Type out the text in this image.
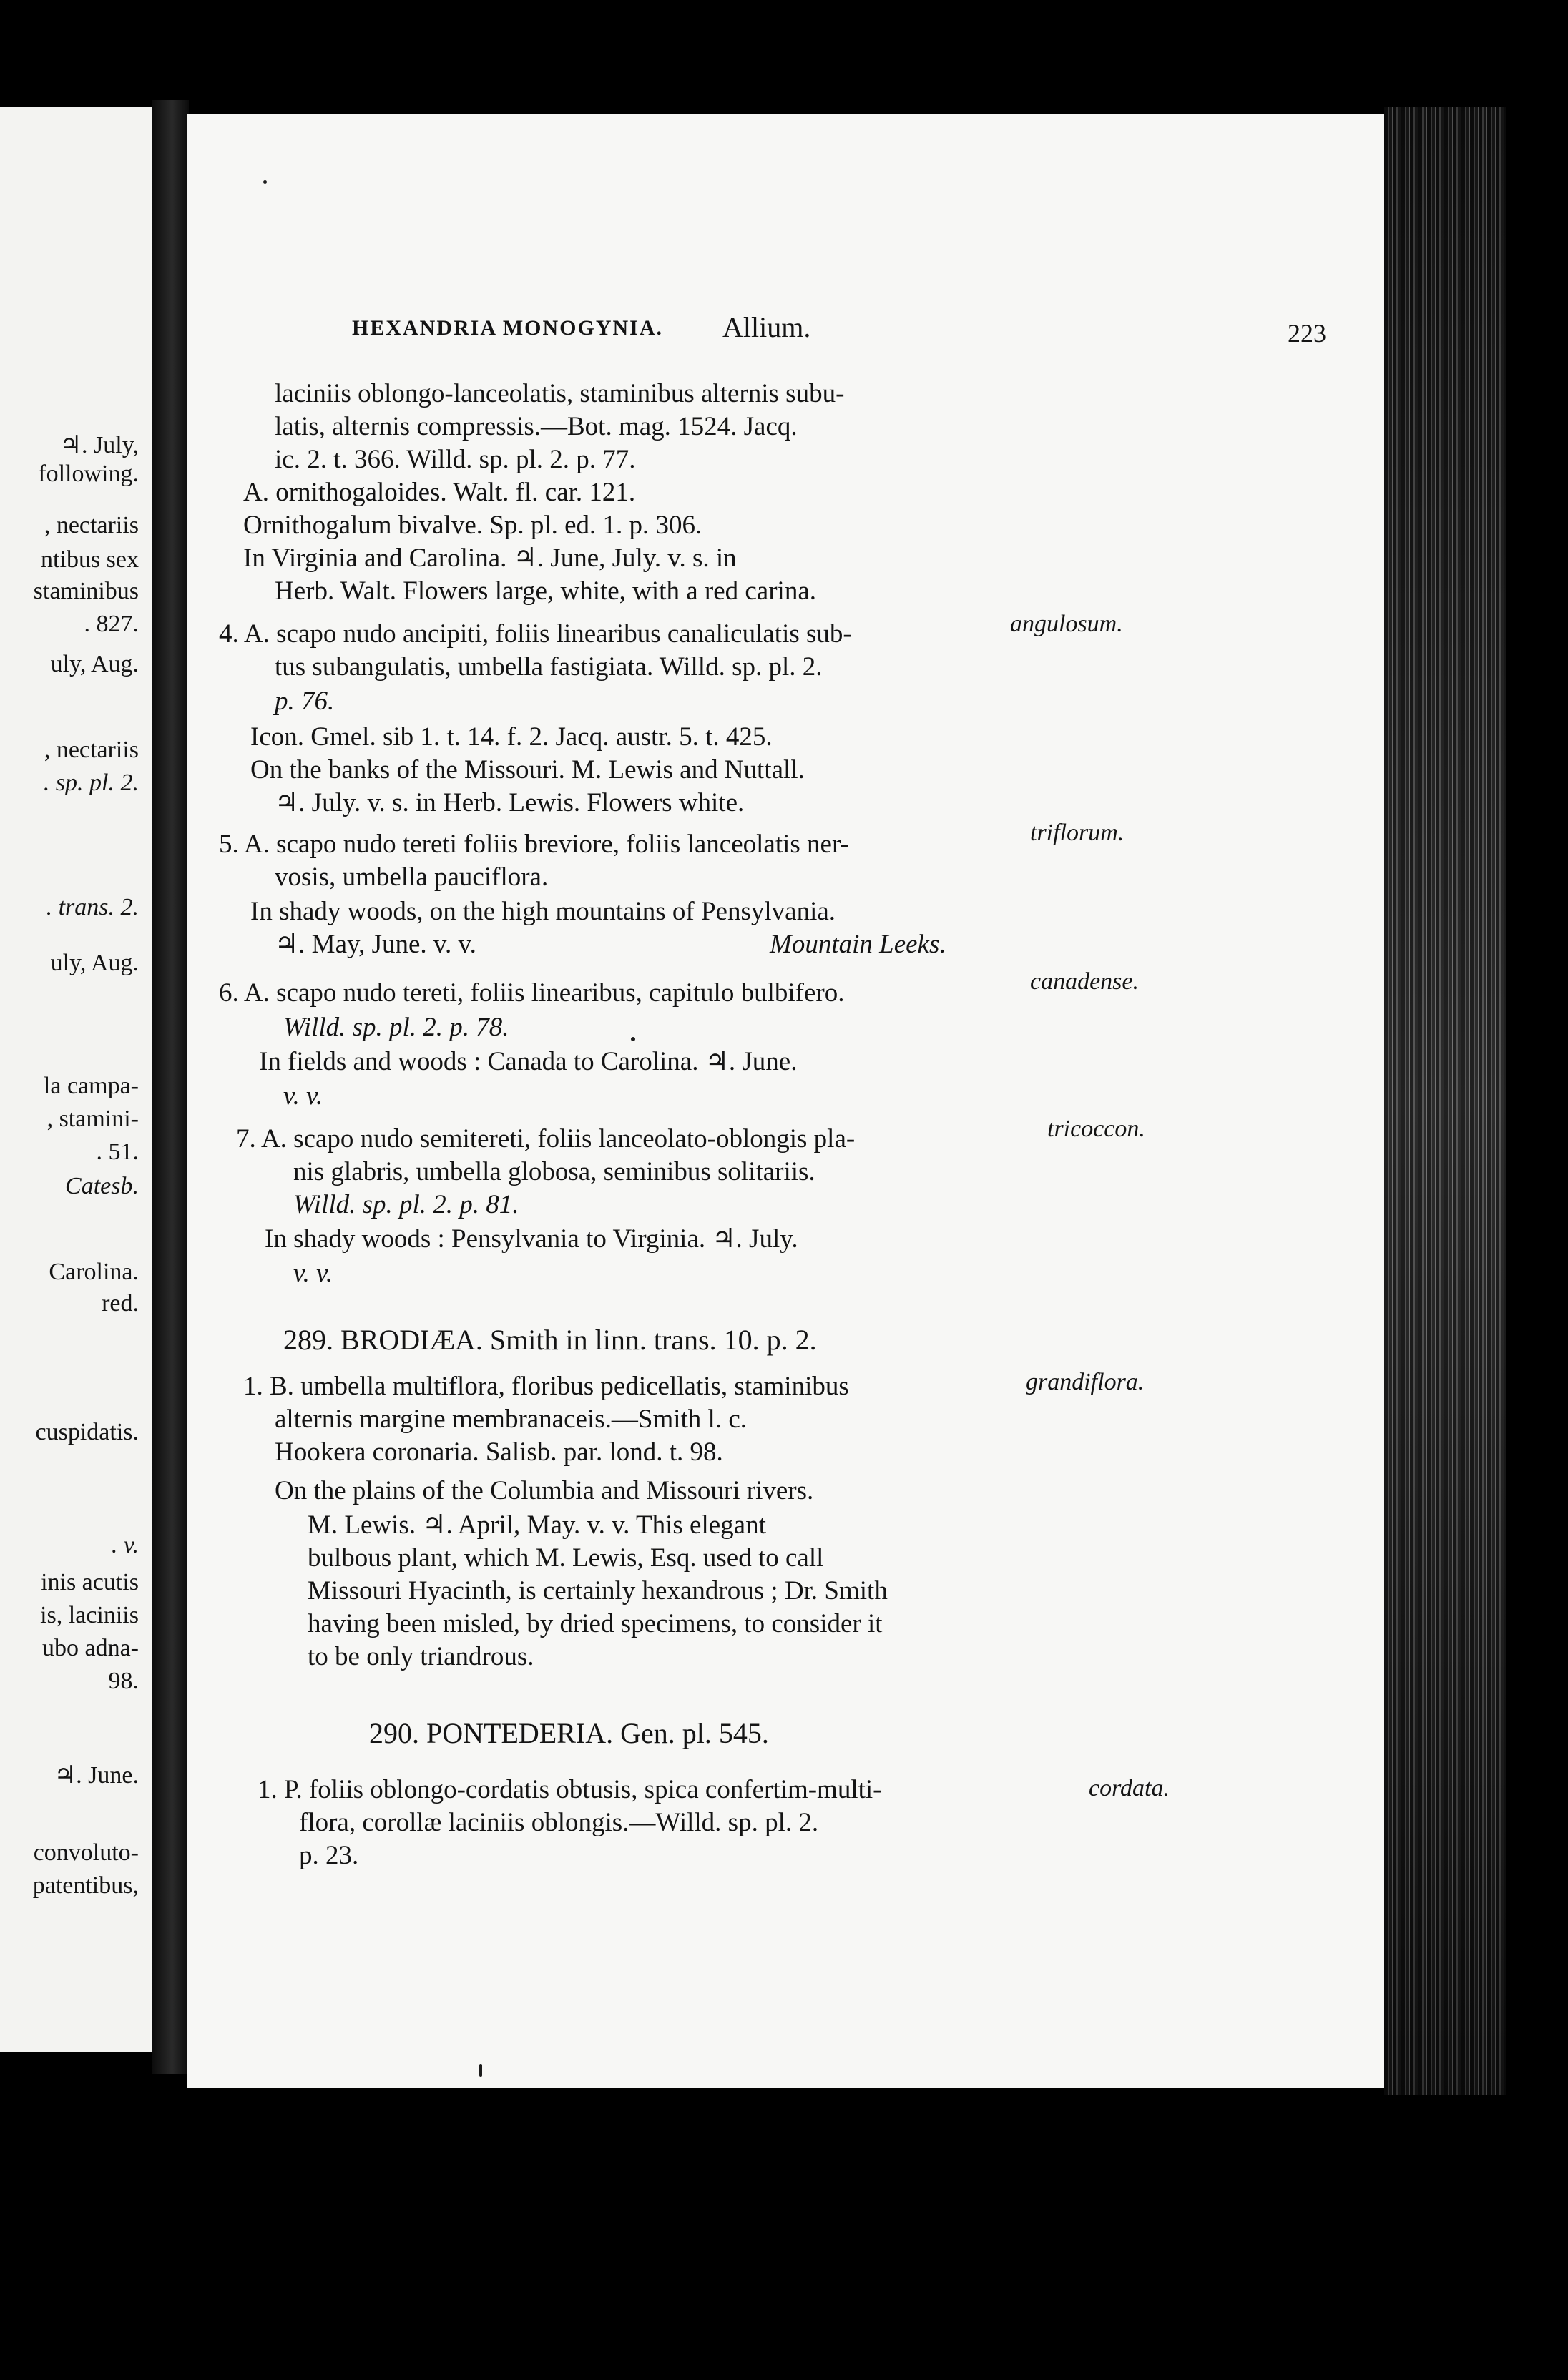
♃. July,
following.
, nectariis
ntibus sex
staminibus
. 827.
uly, Aug.
, nectariis
. sp. pl. 2.
. trans. 2.
uly, Aug.
la campa-
, stamini-
. 51.
Catesb.
Carolina.
red.
cuspidatis.
. v.
inis acutis
is, laciniis
ubo adna-
98.
♃. June.
convoluto-
patentibus,
HEXANDRIA MONOGYNIA. Allium.	223
laciniis oblongo-lanceolatis, staminibus alternis subu-
latis, alternis compressis.—Bot. mag. 1524. Jacq.
ic. 2. t. 366. Willd. sp. pl. 2. p. 77.
A. ornithogaloides. Walt. fl. car. 121.
Ornithogalum bivalve. Sp. pl. ed. 1. p. 306.
In Virginia and Carolina. ♃. June, July. v. s. in
Herb. Walt. Flowers large, white, with a red carina.
4. A. scapo nudo ancipiti, foliis linearibus canaliculatis sub-
tus subangulatis, umbella fastigiata. Willd. sp. pl. 2.
p. 76.
Icon. Gmel. sib 1. t. 14. f. 2. Jacq. austr. 5. t. 425.
On the banks of the Missouri. M. Lewis and Nuttall.
♃. July. v. s. in Herb. Lewis. Flowers white.
5. A. scapo nudo tereti foliis breviore, foliis lanceolatis ner-
vosis, umbella pauciflora.
In shady woods, on the high mountains of Pensylvania.
♃. May, June. v. v.	Mountain Leeks.
6. A. scapo nudo tereti, foliis linearibus, capitulo bulbifero.
Willd. sp. pl. 2. p. 78.
In fields and woods : Canada to Carolina. ♃. June.
v. v.
7. A. scapo nudo semitereti, foliis lanceolato-oblongis pla-
nis glabris, umbella globosa, seminibus solitariis.
Willd. sp. pl. 2. p. 81.
In shady woods : Pensylvania to Virginia. ♃. July.
v. v.
289. BRODIÆA. Smith in linn. trans. 10. p. 2.
1. B. umbella multiflora, floribus pedicellatis, staminibus
alternis margine membranaceis.—Smith l. c.
Hookera coronaria. Salisb. par. lond. t. 98.
On the plains of the Columbia and Missouri rivers.
M. Lewis. ♃. April, May. v. v. This elegant
bulbous plant, which M. Lewis, Esq. used to call
Missouri Hyacinth, is certainly hexandrous ; Dr. Smith
having been misled, by dried specimens, to consider it
to be only triandrous.
290. PONTEDERIA. Gen. pl. 545.
1. P. foliis oblongo-cordatis obtusis, spica confertim-multi-
flora, corollæ laciniis oblongis.—Willd. sp. pl. 2.
p. 23.
angulosum.
triflorum.
canadense.
tricoccon.
grandiflora.
cordata.
